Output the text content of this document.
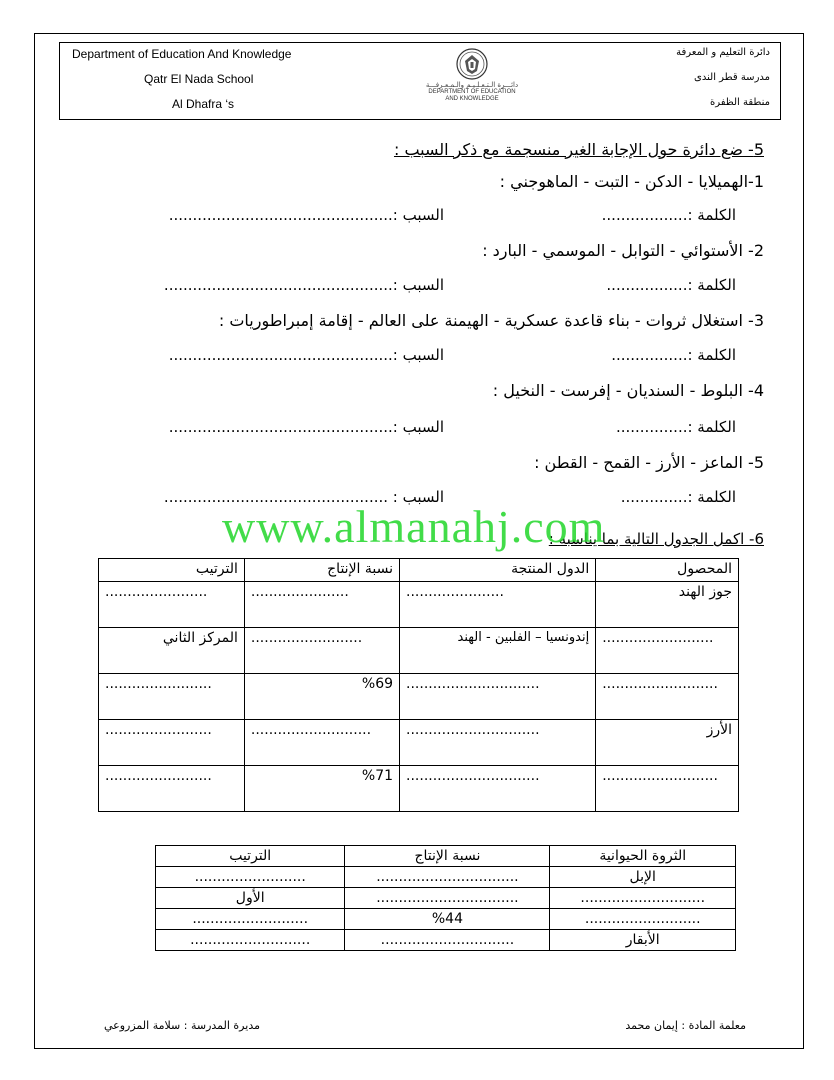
Department of Education And Knowledge
Qatr El Nada School
Al Dhafra ‘s
دائـــرة الـتـعـلـيـم والـمـعـرفـــة
DEPARTMENT OF EDUCATION
AND KNOWLEDGE
دائرة التعليم و المعرفة
مدرسة قطر الندى
منطقة الظفرة
5- ضع دائرة حول الإجابة الغير منسجمة مع ذكر السبب :
1-الهميلايا - الدكن - التبت - الماهوجني :
الكلمة :..................
السبب :...............................................
2- الأستوائي - التوابل - الموسمي - البارد :
الكلمة :.................
السبب :................................................
3- استغلال ثروات - بناء قاعدة عسكرية - الهيمنة على العالم - إقامة إمبراطوريات :
الكلمة :................
السبب :...............................................
4- البلوط - السنديان - إفرست - النخيل :
الكلمة :...............
السبب :...............................................
5- الماعز - الأرز - القمح - القطن :
الكلمة :..............
السبب : ...............................................
6- اكمل الجدول التالية بما يناسبه :
www.almanahj.com
المحصول	الدول المنتجة	نسبة الإنتاج	الترتيب
جوز الهند	......................	......................	.......................
.........................	إندونسيا – الفلبين - الهند	.........................	المركز الثاني
..........................	..............................	%69	........................
الأرز	..............................	...........................	........................
..........................	..............................	%71	........................
الثروة الحيوانية	نسبة الإنتاج	الترتيب
الإبل	................................	.........................
............................	................................	الأول
..........................	%44	..........................
الأبقار	..............................	...........................
معلمة المادة : إيمان محمد
مديرة المدرسة : سلامة المزروعي
